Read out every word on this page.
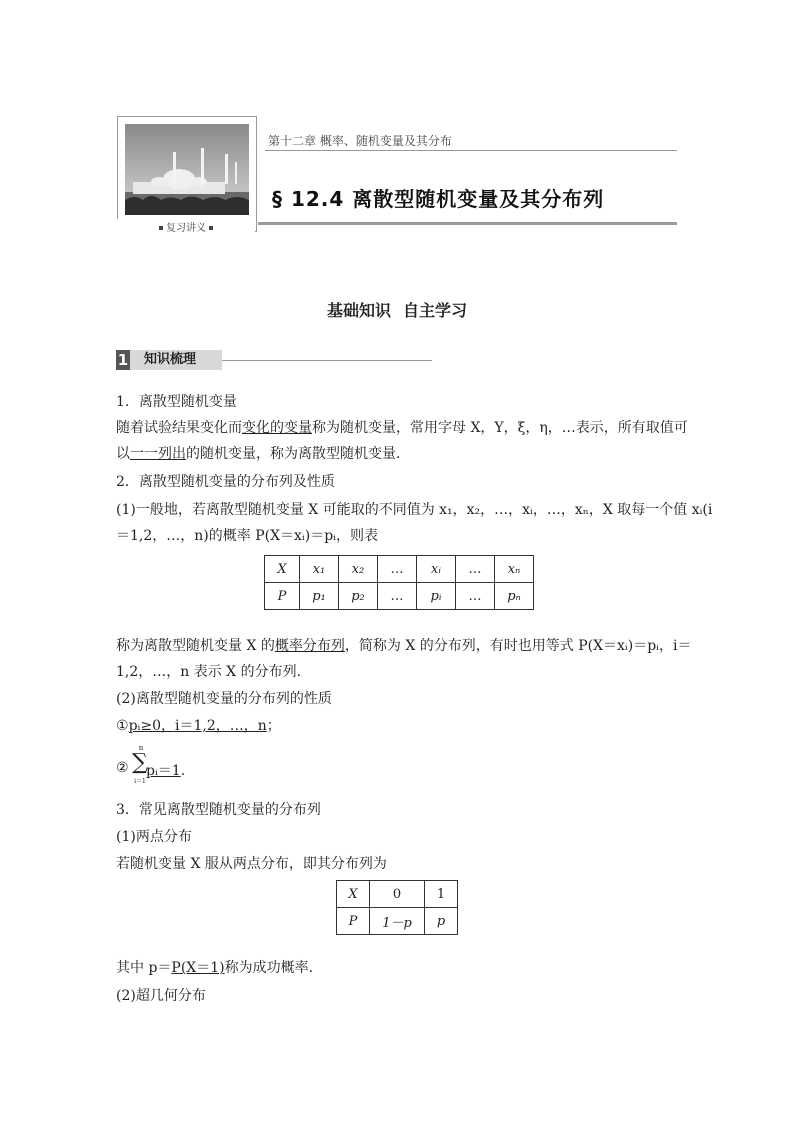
复习讲义
第十二章 概率、随机变量及其分布
§ 12.4 离散型随机变量及其分布列
基础知识 自主学习
1	知识梳理
1．离散型随机变量
随着试验结果变化而变化的变量称为随机变量，常用字母 X，Y，ξ，η，…表示，所有取值可
以一一列出的随机变量，称为离散型随机变量．
2．离散型随机变量的分布列及性质
(1)一般地，若离散型随机变量 X 可能取的不同值为 x₁，x₂，…，xᵢ，…，xₙ，X 取每一个值 xᵢ(i
＝1,2，…，n)的概率 P(X＝xᵢ)＝pᵢ，则表
X	x₁	x₂	…	xᵢ	…	xₙ
P	p₁	p₂	…	pᵢ	…	pₙ
称为离散型随机变量 X 的概率分布列，简称为 X 的分布列，有时也用等式 P(X＝xᵢ)＝pᵢ，i＝
1,2，…，n 表示 X 的分布列．
(2)离散型随机变量的分布列的性质
①pᵢ≥0，i＝1,2，…，n；
②
n
∑
i＝1
pᵢ＝1.
3．常见离散型随机变量的分布列
(1)两点分布
若随机变量 X 服从两点分布，即其分布列为
X	0	1
P	1－p	p
其中 p＝P(X＝1)称为成功概率．
(2)超几何分布
